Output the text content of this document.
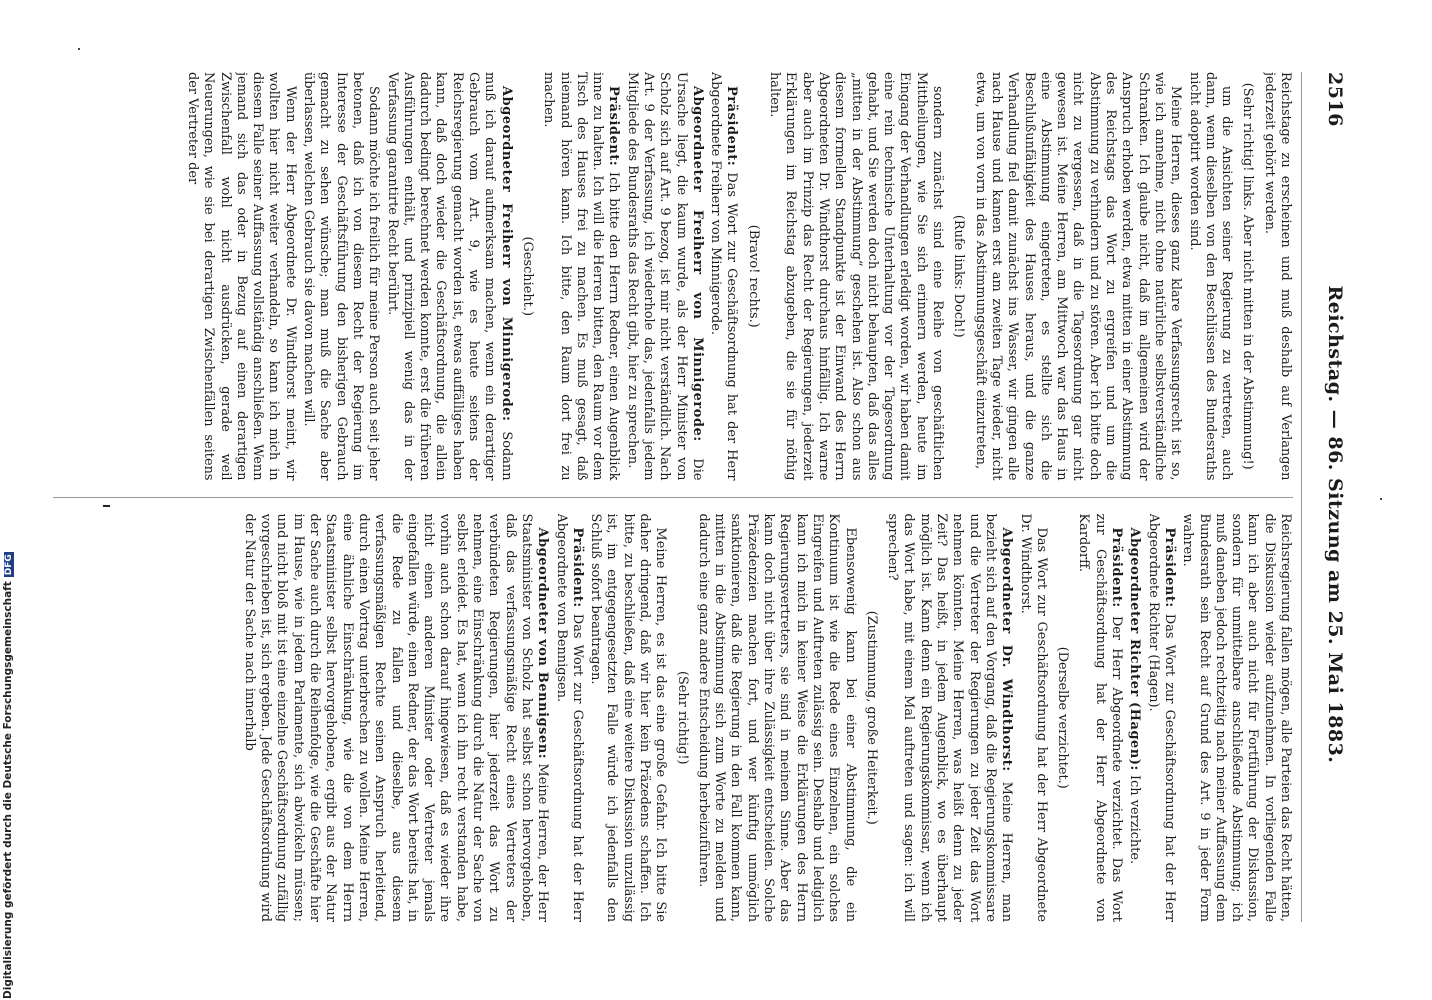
2516
Reichstag. — 86. Sitzung am 25. Mai 1883.

Reichstage zu erscheinen und muß deshalb auf Verlangen jederzeit gehört werden.

(Sehr richtig! links. Aber nicht mitten in der Abstimmung!)

um die Ansichten seiner Regierung zu vertreten, auch dann, wenn dieselben von den Beschlüssen des Bundesraths nicht adoptirt worden sind.

Meine Herren, dieses ganz klare Verfassungsrecht ist so, wie ich annehme, nicht ohne natürliche selbstverständliche Schranken. Ich glaube nicht, daß im allgemeinen wird der Anspruch erhoben werden, etwa mitten in einer Abstimmung des Reichstags das Wort zu ergreifen und um die Abstimmung zu verhindern und zu stören. Aber ich bitte doch nicht zu vergessen, daß in die Tagesordnung gar nicht gewesen ist. Meine Herren, am Mittwoch war das Haus in eine Abstimmung eingetreten, es stellte sich die Beschlußunfähigkeit des Hauses heraus, und die ganze Verhandlung fiel damit zunächst ins Wasser, wir gingen alle nach Hause und kamen erst am zweiten Tage wieder, nicht etwa, um von vorn in das Abstimmungsgeschäft einzutreten,

(Rufe links: Doch!)

sondern zunächst sind eine Reihe von geschäftlichen Mittheilungen, wie Sie sich erinnern werden, heute im Eingang der Verhandlungen erledigt worden, wir haben damit eine rein technische Unterhaltung vor der Tagesordnung gehabt, und Sie werden doch nicht behaupten, daß das alles „mitten in der Abstimmung“ geschehen ist. Also schon aus diesem formellen Standpunkte ist der Einwand des Herrn Abgeordneten Dr. Windthorst durchaus hinfällig. Ich warne aber auch im Prinzip das Recht der Regierungen, jederzeit Erklärungen im Reichstag abzugeben, die sie für nöthig halten.

(Bravo! rechts.)

Präsident: Das Wort zur Geschäftsordnung hat der Herr Abgeordnete Freiherr von Minnigerode.

Abgeordneter Freiherr von Minnigerode: Die Ursache liegt, die kaum wurde, als der Herr Minister von Scholz sich auf Art. 9 bezog, ist mir nicht verständlich. Nach Art. 9 der Verfassung, ich wiederhole das, jedenfalls jedem Mitgliede des Bundesraths das Recht gibt, hier zu sprechen.

Präsident: Ich bitte den Herrn Redner, einen Augenblick inne zu halten. Ich will die Herren bitten, den Raum vor dem Tisch des Hauses frei zu machen. Es muß gesagt, daß niemand hören kann. Ich bitte, den Raum dort frei zu machen.

(Geschieht.)

Abgeordneter Freiherr von Minnigerode: Sodann muß ich darauf aufmerksam machen, wenn ein derartiger Gebrauch vom Art. 9, wie es heute seitens der Reichsregierung gemacht worden ist, etwas auffälliges haben kann, daß doch wieder die Geschäftsordnung, die allein dadurch bedingt berechnet werden konnte, erst die früheren Ausführungen enthält, und prinzipiell wenig das in der Verfassung garantirte Recht berührt.

Sodann möchte ich freilich für meine Person auch seit jeher betonen, daß ich von diesem Recht der Regierung im Interesse der Geschäftsführung den bisherigen Gebrauch gemacht zu sehen wünsche; man muß die Sache aber überlassen, welchen Gebrauch sie davon machen will.

Wenn der Herr Abgeordnete Dr. Windthorst meint, wir wollten hier nicht weiter verhandeln, so kann ich mich in diesem Falle seiner Auffassung vollständig anschließen. Wenn jemand sich das oder in Bezug auf einen derartigen Zwischenfall wohl nicht ausdrücken, gerade weil Neuerungen, wie sie bei derartigen Zwischenfällen seitens der Vertreter der

Reichsregierung fallen mögen, alle Parteien das Recht hätten, die Diskussion wieder aufzunehmen. In vorliegenden Falle kann ich aber auch nicht für Fortführung der Diskussion, sondern für unmittelbare anschließende Abstimmung; ich muß daneben jedoch rechtzeitig nach meiner Auffassung dem Bundesrath sein Recht auf Grund des Art. 9 in jeder Form wahren.

Präsident: Das Wort zur Geschäftsordnung hat der Herr Abgeordnete Richter (Hagen).

Abgeordneter Richter (Hagen): Ich verzichte.

Präsident: Der Herr Abgeordnete verzichtet. Das Wort zur Geschäftsordnung hat der Herr Abgeordnete von Kardorff.

(Derselbe verzichtet.)

Das Wort zur Geschäftsordnung hat der Herr Abgeordnete Dr. Windthorst.

Abgeordneter Dr. Windthorst: Meine Herren, man bezieht sich auf den Vorgang, daß die Regierungskommissare und die Vertreter der Regierungen zu jeder Zeit das Wort nehmen könnten. Meine Herren, was heißt denn zu jeder Zeit? Das heißt, in jedem Augenblick, wo es überhaupt möglich ist. Kann denn ein Regierungskommissar, wenn ich das Wort habe, mit einem Mal auftreten und sagen: ich will sprechen?

(Zustimmung, große Heiterkeit.)

Ebensowenig kann bei einer Abstimmung, die ein Kontinuum ist wie die Rede eines Einzelnen, ein solches Eingreifen und Auftreten zulässig sein. Deshalb und lediglich kann ich mich in keiner Weise die Erklärungen des Herrn Regierungsvertreters, sie sind in meinem Sinne. Aber das kann doch nicht über ihre Zulässigkeit entscheiden. Solche Präzedenzien machen fort, und wer künftig unmöglich sanktionieren, daß die Regierung in den Fall kommen kann, mitten in die Abstimmung sich zum Worte zu melden und dadurch eine ganz andere Entscheidung herbeizuführen.

(Sehr richtig!)

Meine Herren, es ist das eine große Gefahr. Ich bitte Sie daher dringend, daß wir hier kein Präzedens schaffen. Ich bitte, zu beschließen, daß eine weitere Diskussion unzulässig ist, im entgegengesetzten Falle würde ich jedenfalls den Schluß sofort beantragen.

Präsident: Das Wort zur Geschäftsordnung hat der Herr Abgeordnete von Bennigsen.

Abgeordneter von Bennigsen: Meine Herren, der Herr Staatsminister von Scholz hat selbst schon hervorgehoben, daß das verfassungsmäßige Recht eines Vertreters der verbündeten Regierungen, hier jederzeit das Wort zu nehmen, eine Einschränkung durch die Natur der Sache von selbst erleidet. Es hat, wenn ich ihn recht verstanden habe, vorhin auch schon darauf hingewiesen, daß es wieder ihre nicht einen anderen Minister oder Vertreter jemals eingefallen würde, einen Redner, der das Wort bereits hat, in die Rede zu fallen und dieselbe, aus diesem verfassungsmäßigen Rechte seinen Anspruch herleitend, durch einen Vortrag unterbrechen zu wollen. Meine Herren, eine ähnliche Einschränkung, wie die von dem Herrn Staatsminister selbst hervorgehobene, ergibt aus der Natur der Sache auch durch die Reihenfolge, wie die Geschäfte hier im Hause, wie in jedem Parlamente, sich abwickeln müssen; und nicht bloß mit ist eine einzelne Geschäftsordnung zufällig vorgeschrieben ist, sich ergeben. Jede Geschäftsordnung wird der Natur der Sache nach innerhalb

Digitalisierung gefördert durch die Deutsche ForschungsgemeinschaftDFG
